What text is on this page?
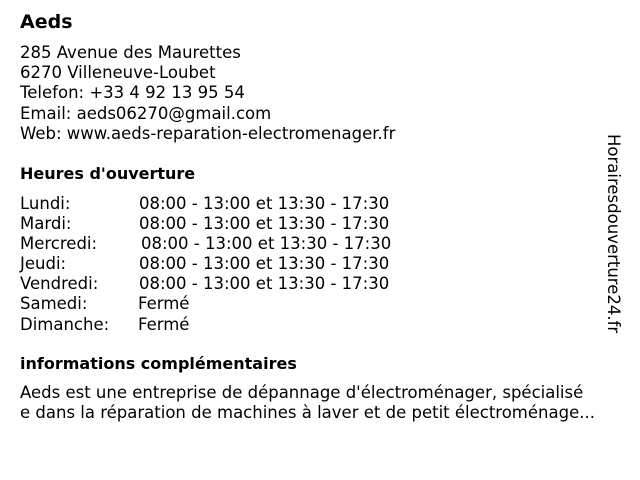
Aeds
285 Avenue des Maurettes
6270 Villeneuve-Loubet
Telefon: +33 4 92 13 95 54
Email: aeds06270@gmail.com
Web: www.aeds-reparation-electromenager.fr
Heures d'ouverture
Lundi:	08:00 - 13:00 et 13:30 - 17:30
Mardi:	08:00 - 13:00 et 13:30 - 17:30
Mercredi:	08:00 - 13:00 et 13:30 - 17:30
Jeudi:	08:00 - 13:00 et 13:30 - 17:30
Vendredi: 08:00 - 13:00 et 13:30 - 17:30
Samedi:	Fermé
Dimanche: Fermé
informations complémentaires
Aeds est une entreprise de dépannage d'électroménager, spécialisé
e dans la réparation de machines à laver et de petit électroménage...
Horairesdouverture24.fr
